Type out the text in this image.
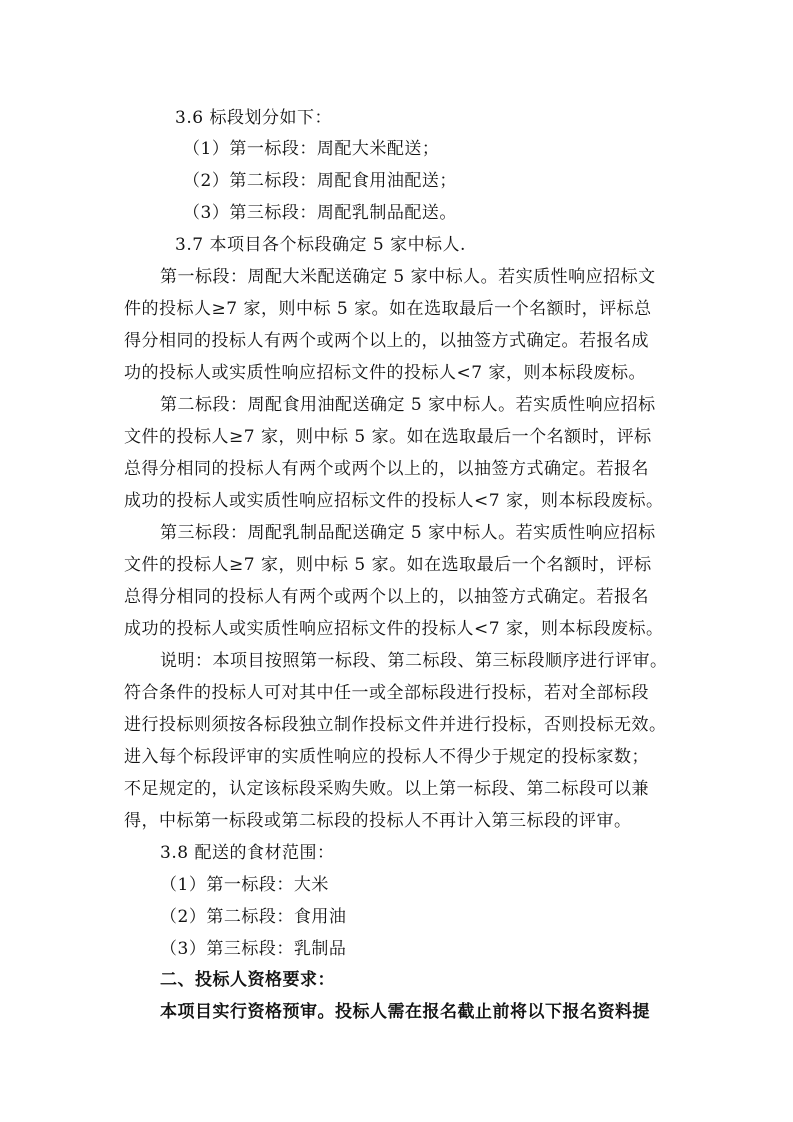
3.6 标段划分如下：
（1）第一标段：周配大米配送；
（2）第二标段：周配食用油配送；
（3）第三标段：周配乳制品配送。
3.7 本项目各个标段确定 5 家中标人.
第一标段：周配大米配送确定 5 家中标人。若实质性响应招标文
件的投标人≥7 家，则中标 5 家。如在选取最后一个名额时，评标总
得分相同的投标人有两个或两个以上的，以抽签方式确定。若报名成
功的投标人或实质性响应招标文件的投标人<7 家，则本标段废标。
第二标段：周配食用油配送确定 5 家中标人。若实质性响应招标
文件的投标人≥7 家，则中标 5 家。如在选取最后一个名额时，评标
总得分相同的投标人有两个或两个以上的，以抽签方式确定。若报名
成功的投标人或实质性响应招标文件的投标人<7 家，则本标段废标。
第三标段：周配乳制品配送确定 5 家中标人。若实质性响应招标
文件的投标人≥7 家，则中标 5 家。如在选取最后一个名额时，评标
总得分相同的投标人有两个或两个以上的，以抽签方式确定。若报名
成功的投标人或实质性响应招标文件的投标人<7 家，则本标段废标。
说明：本项目按照第一标段、第二标段、第三标段顺序进行评审。
符合条件的投标人可对其中任一或全部标段进行投标，若对全部标段
进行投标则须按各标段独立制作投标文件并进行投标，否则投标无效。
进入每个标段评审的实质性响应的投标人不得少于规定的投标家数；
不足规定的，认定该标段采购失败。以上第一标段、第二标段可以兼
得，中标第一标段或第二标段的投标人不再计入第三标段的评审。
3.8 配送的食材范围：
（1）第一标段：大米
（2）第二标段：食用油
（3）第三标段：乳制品
二、投标人资格要求：
本项目实行资格预审。投标人需在报名截止前将以下报名资料提
